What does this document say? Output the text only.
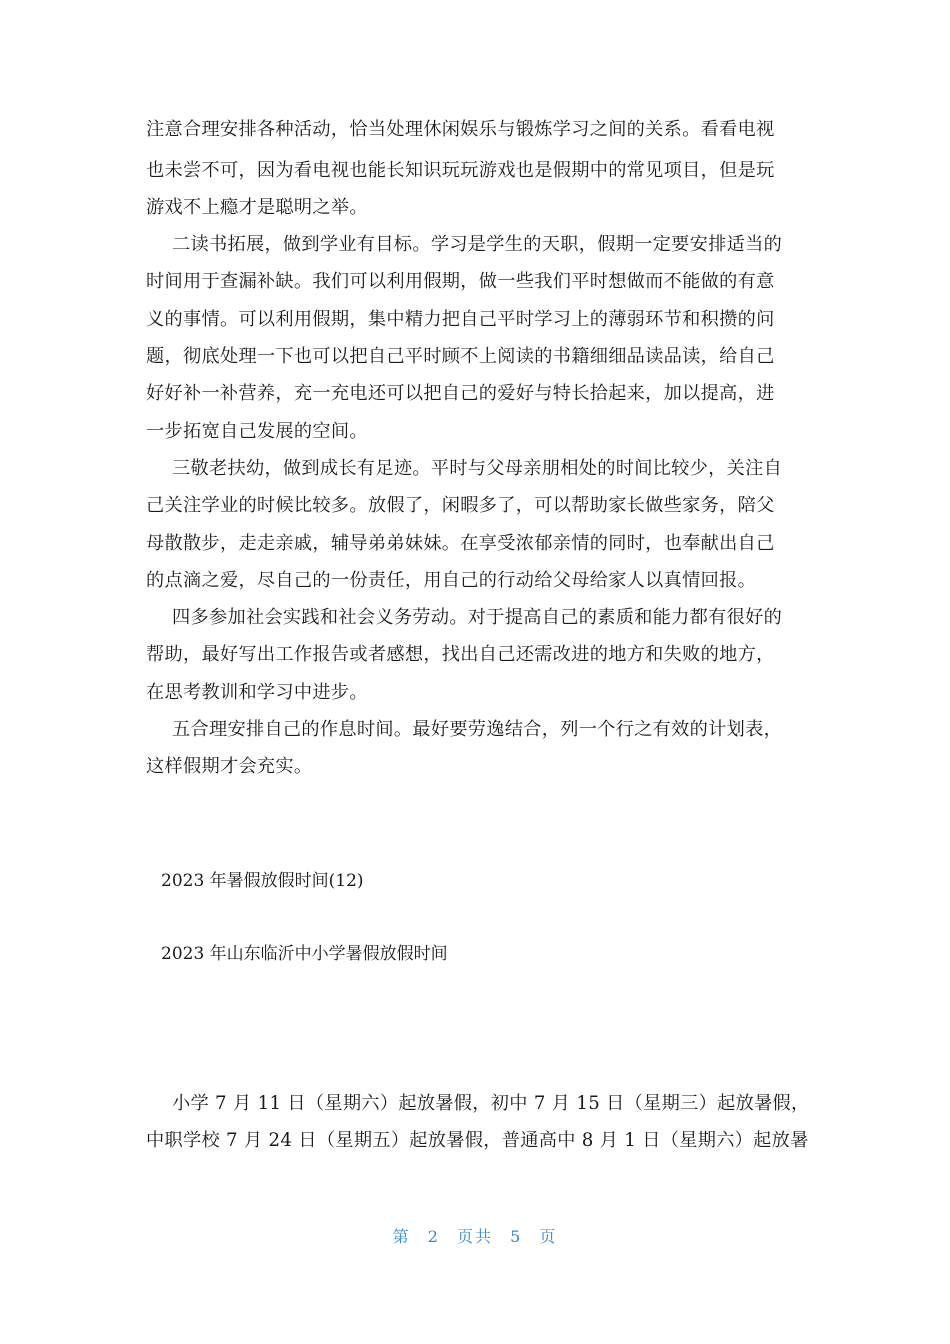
注意合理安排各种活动，恰当处理休闲娱乐与锻炼学习之间的关系。看看电视
也未尝不可，因为看电视也能长知识玩玩游戏也是假期中的常见项目，但是玩
游戏不上瘾才是聪明之举。
二读书拓展，做到学业有目标。学习是学生的天职，假期一定要安排适当的
时间用于查漏补缺。我们可以利用假期，做一些我们平时想做而不能做的有意
义的事情。可以利用假期，集中精力把自己平时学习上的薄弱环节和积攒的问
题，彻底处理一下也可以把自己平时顾不上阅读的书籍细细品读品读，给自己
好好补一补营养，充一充电还可以把自己的爱好与特长拾起来，加以提高，进
一步拓宽自己发展的空间。
三敬老扶幼，做到成长有足迹。平时与父母亲朋相处的时间比较少，关注自
己关注学业的时候比较多。放假了，闲暇多了，可以帮助家长做些家务，陪父
母散散步，走走亲戚，辅导弟弟妹妹。在享受浓郁亲情的同时，也奉献出自己
的点滴之爱，尽自己的一份责任，用自己的行动给父母给家人以真情回报。
四多参加社会实践和社会义务劳动。对于提高自己的素质和能力都有很好的
帮助，最好写出工作报告或者感想，找出自己还需改进的地方和失败的地方，
在思考教训和学习中进步。
五合理安排自己的作息时间。最好要劳逸结合，列一个行之有效的计划表，
这样假期才会充实。
2023 年暑假放假时间(12)
2023 年山东临沂中小学暑假放假时间
小学 7 月 11 日（星期六）起放暑假，初中 7 月 15 日（星期三）起放暑假，
中职学校 7 月 24 日（星期五）起放暑假，普通高中 8 月 1 日（星期六）起放暑
第 2 页共 5 页
